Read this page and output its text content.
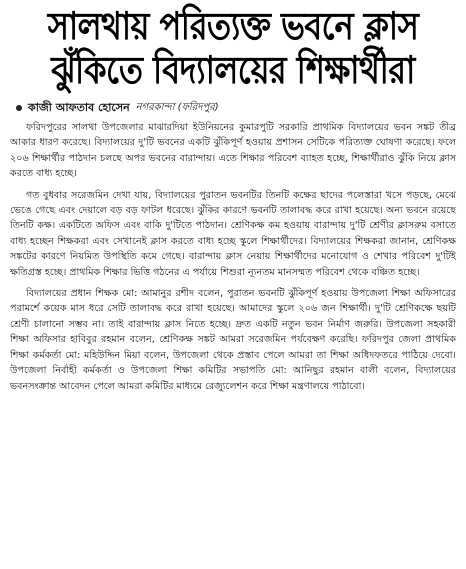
সালথায় পরিত্যক্ত ভবনে ক্লাস
ঝুঁকিতে বিদ্যালয়ের শিক্ষার্থীরা
কাজী আফতাব হোসেন নগরকান্দা (ফরিদপুর)

ফরিদপুরের সালথা উপজেলার মাঝারদিয়া ইউনিয়নের কুমারপুটি সরকারি প্রাথমিক বিদ্যালয়ের ভবন সঙ্কট তীব্র আকার ধারণ করেছে। বিদ্যালয়ের দু'টি ভবনের একটি ঝুঁকিপূর্ণ হওয়ায় প্রশাসন সেটিকে পরিত্যক্ত ঘোষণা করেছে। ফলে ২০৬ শিক্ষার্থীর পাঠদান চলছে অপর ভবনের বারান্দায়। এতে শিক্ষার পরিবেশ ব্যাহত হচ্ছে, শিক্ষার্থীরাও ঝুঁকি নিয়ে ক্লাস করতে বাধ্য হচ্ছে।

গত বুধবার সরেজমিন দেখা যায়, বিদ্যালয়ের পুরাতন ভবনটির তিনটি কক্ষের ছাদের পলেস্তারা খসে পড়ছে, মেঝে ভেঙে গেছে এবং দেয়ালে বড় বড় ফাটল ধরেছে। ঝুঁকির কারণে ভবনটি তালাবদ্ধ করে রাখা হয়েছে। অন্য ভবনে রয়েছে তিনটি কক্ষ। একটিতে অফিস এবং বাকি দু'টিতে পাঠদান। শ্রেণিকক্ষ কম হওয়ায় বারান্দায় দু'টি শ্রেণীর ক্লাসরুম বসাতে বাধ্য হচ্ছেন শিক্ষকরা এবং সেখানেই ক্লাস করতে বাধ্য হচ্ছে স্কুলে শিক্ষার্থীদের। বিদ্যালয়ের শিক্ষকরা জানান, শ্রেণিকক্ষ সঙ্কটের কারণে নিয়মিত উপস্থিতি কমে গেছে। বারান্দায় ক্লাস নেয়ায় শিক্ষার্থীদের মনোযোগ ও শেখার পরিবেশ দু'টিই ক্ষতিগ্রস্ত হচ্ছে। প্রাথমিক শিক্ষার ভিত্তি গঠনের এ পর্যায়ে শিশুরা ন্যূনতম মানসম্মত পরিবেশ থেকে বঞ্চিত হচ্ছে।

বিদ্যালয়ের প্রধান শিক্ষক মো: আমানুর রশীদ বলেন, পুরাতন ভবনটি ঝুঁকিপূর্ণ হওয়ায় উপজেলা শিক্ষা অফিসারের পরামর্শে কয়েক মাস ধরে সেটি তালাবদ্ধ করে রাখা হয়েছে। আমাদের স্কুলে ২০৬ জন শিক্ষার্থী। দু'টি শ্রেণিকক্ষে ছয়টি শ্রেণী চালানো সম্ভব না। তাই বারান্দায় ক্লাস নিতে হচ্ছে। দ্রুত একটি নতুন ভবন নির্মাণ জরুরি। উপজেলা সহকারী শিক্ষা অফিসার হাবিবুর রহমান বলেন, শ্রেণিকক্ষ সঙ্কট আমরা সরেজমিন পর্যবেক্ষণ করেছি। ফরিদপুর জেলা প্রাথমিক শিক্ষা কর্মকর্তা মো: মহিউদ্দিন মিয়া বলেন, উপজেলা থেকে প্রস্তাব পেলে আমরা তা শিক্ষা অধিদফতরে পাঠিয়ে দেবো। উপজেলা নির্বাহী কর্মকর্তা ও উপজেলা শিক্ষা কমিটির সভাপতি মো: আনিছুর রহমান বালী বলেন, বিদ্যালয়ের ভবনসংক্রান্ত আবেদন পেলে আমরা কমিটির মাধ্যমে রেজ্যুলেশন করে শিক্ষা মন্ত্রণালয়ে পাঠাবো।
